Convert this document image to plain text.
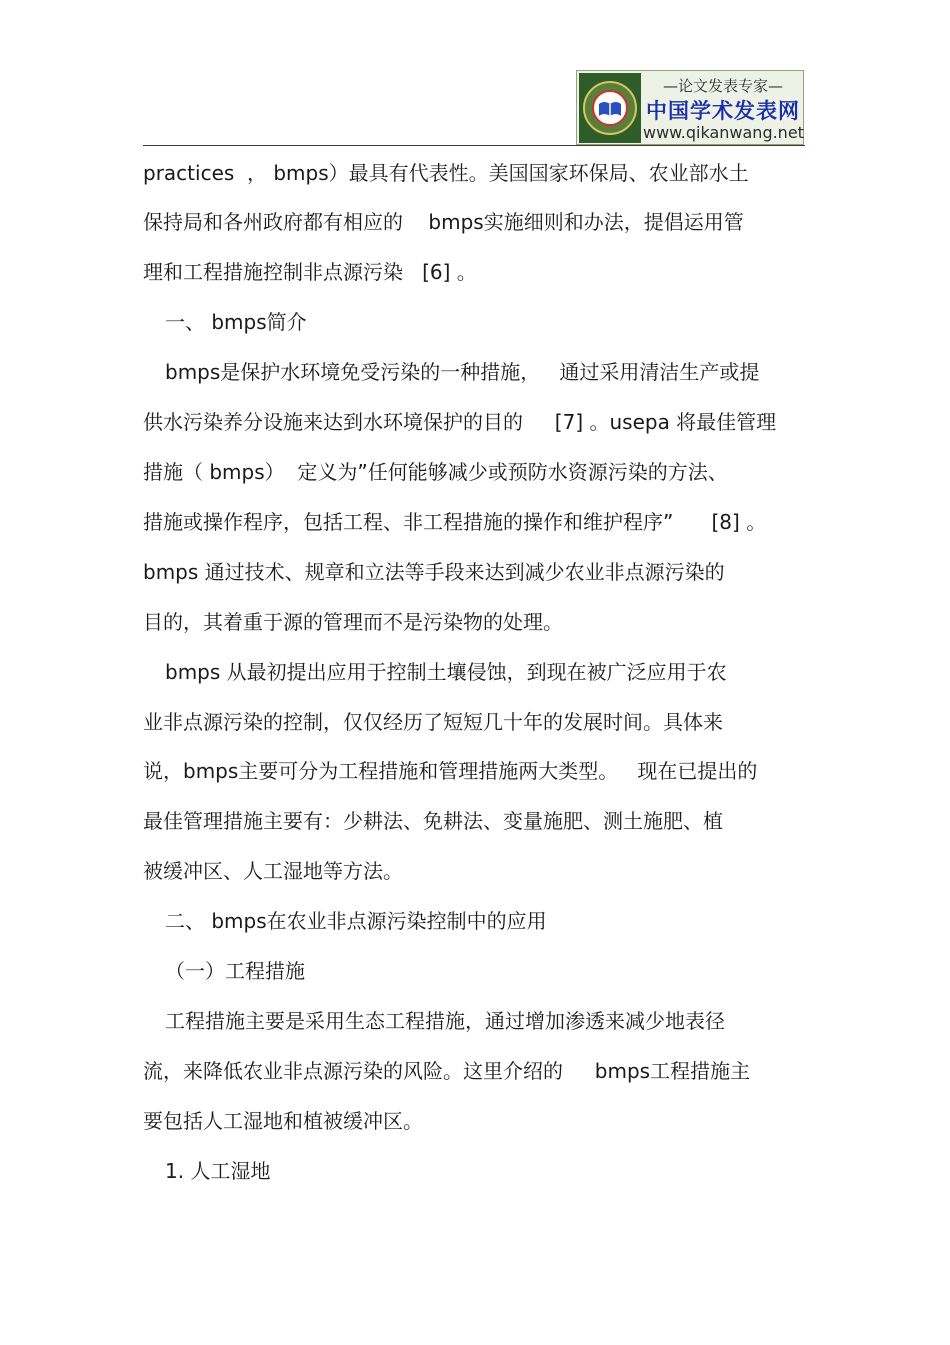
—论文发表专家—
中国学术发表网
www.qikanwang.net
practices  ， bmps）最具有代表性。美国国家环保局、农业部水土
保持局和各州政府都有相应的    bmps实施细则和办法，提倡运用管
理和工程措施控制非点源污染   [6] 。
一、 bmps简介
bmps是保护水环境免受污染的一种措施，   通过采用清洁生产或提
供水污染养分设施来达到水环境保护的目的     [7] 。usepa 将最佳管理
措施（ bmps）  定义为”任何能够减少或预防水资源污染的方法、
措施或操作程序，包括工程、非工程措施的操作和维护程序”      [8] 。
bmps 通过技术、规章和立法等手段来达到减少农业非点源污染的
目的，其着重于源的管理而不是污染物的处理。
bmps 从最初提出应用于控制土壤侵蚀，到现在被广泛应用于农
业非点源污染的控制，仅仅经历了短短几十年的发展时间。具体来
说，bmps主要可分为工程措施和管理措施两大类型。   现在已提出的
最佳管理措施主要有：少耕法、免耕法、变量施肥、测土施肥、植
被缓冲区、人工湿地等方法。
二、 bmps在农业非点源污染控制中的应用
（一）工程措施
工程措施主要是采用生态工程措施，通过增加渗透来减少地表径
流，来降低农业非点源污染的风险。这里介绍的     bmps工程措施主
要包括人工湿地和植被缓冲区。
1. 人工湿地
